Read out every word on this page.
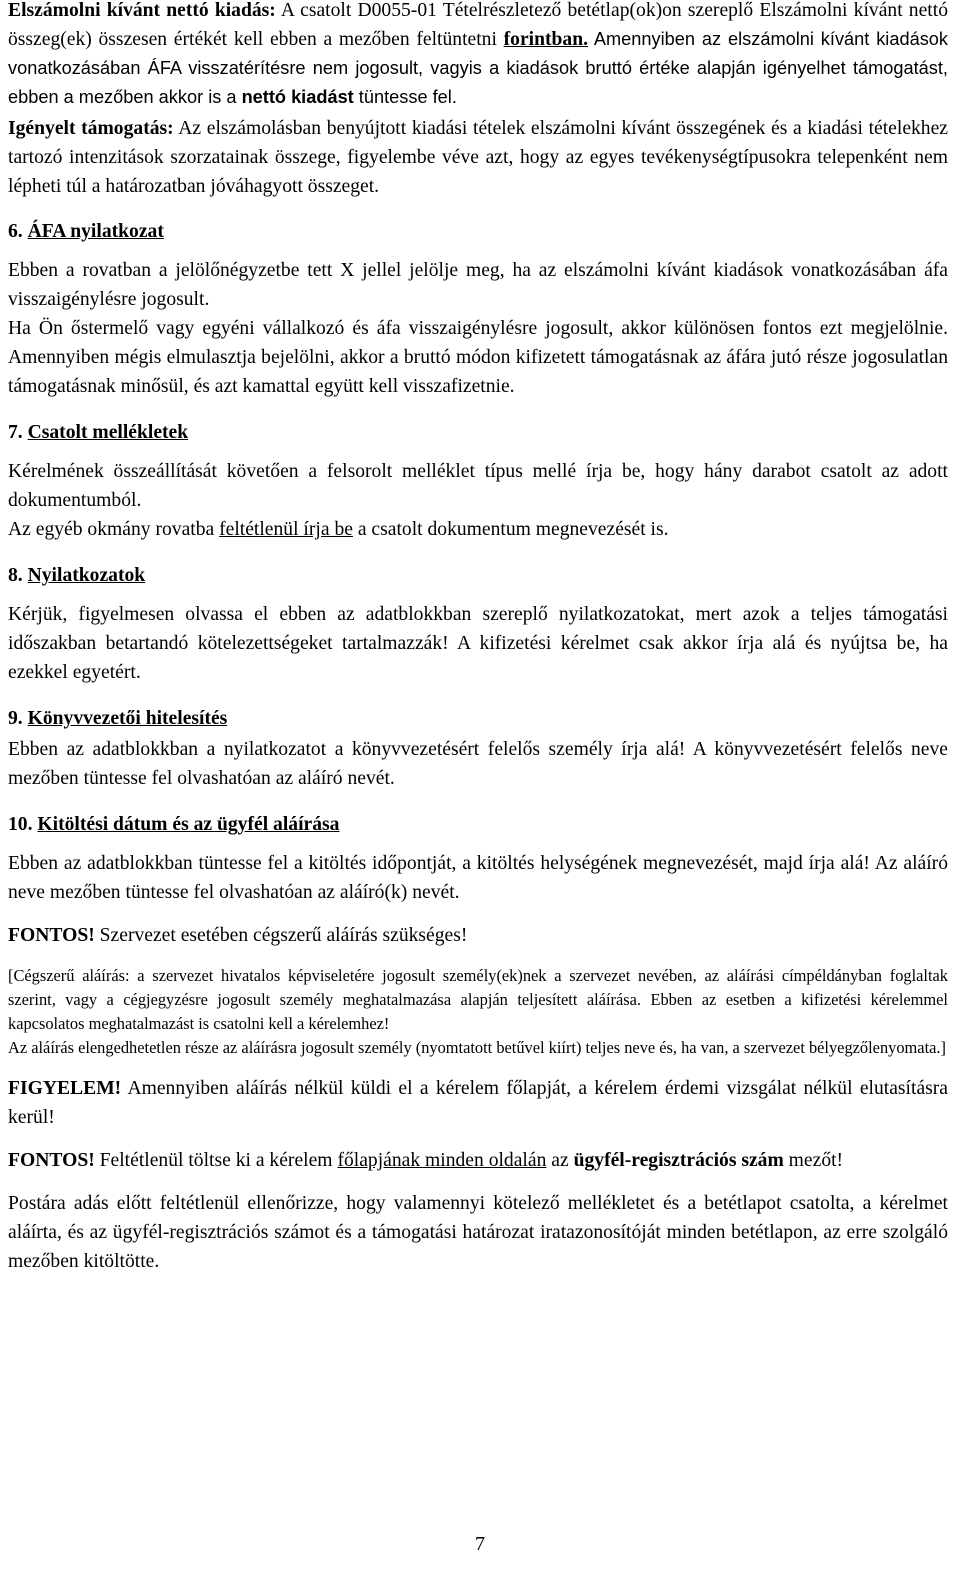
Elszámolni kívánt nettó kiadás: A csatolt D0055-01 Tételrészletező betétlap(ok)on szereplő Elszámolni kívánt nettó összeg(ek) összesen értékét kell ebben a mezőben feltüntetni forintban. Amennyiben az elszámolni kívánt kiadások vonatkozásában ÁFA visszatérítésre nem jogosult, vagyis a kiadások bruttó értéke alapján igényelhet támogatást, ebben a mezőben akkor is a nettó kiadást tüntesse fel.

Igényelt támogatás: Az elszámolásban benyújtott kiadási tételek elszámolni kívánt összegének és a kiadási tételekhez tartozó intenzitások szorzatainak összege, figyelembe véve azt, hogy az egyes tevékenységtípusokra telepenként nem lépheti túl a határozatban jóváhagyott összeget.

6. ÁFA nyilatkozat

Ebben a rovatban a jelölőnégyzetbe tett X jellel jelölje meg, ha az elszámolni kívánt kiadások vonatkozásában áfa visszaigénylésre jogosult.

Ha Ön őstermelő vagy egyéni vállalkozó és áfa visszaigénylésre jogosult, akkor különösen fontos ezt megjelölnie. Amennyiben mégis elmulasztja bejelölni, akkor a bruttó módon kifizetett támogatásnak az áfára jutó része jogosulatlan támogatásnak minősül, és azt kamattal együtt kell visszafizetnie.

7. Csatolt mellékletek

Kérelmének összeállítását követően a felsorolt melléklet típus mellé írja be, hogy hány darabot csatolt az adott dokumentumból.

Az egyéb okmány rovatba feltétlenül írja be a csatolt dokumentum megnevezését is.

8. Nyilatkozatok

Kérjük, figyelmesen olvassa el ebben az adatblokkban szereplő nyilatkozatokat, mert azok a teljes támogatási időszakban betartandó kötelezettségeket tartalmazzák! A kifizetési kérelmet csak akkor írja alá és nyújtsa be, ha ezekkel egyetért.

9. Könyvvezetői hitelesítés

Ebben az adatblokkban a nyilatkozatot a könyvvezetésért felelős személy írja alá! A könyvvezetésért felelős neve mezőben tüntesse fel olvashatóan az aláíró nevét.

10. Kitöltési dátum és az ügyfél aláírása

Ebben az adatblokkban tüntesse fel a kitöltés időpontját, a kitöltés helységének megnevezését, majd írja alá! Az aláíró neve mezőben tüntesse fel olvashatóan az aláíró(k) nevét.

FONTOS! Szervezet esetében cégszerű aláírás szükséges!

[Cégszerű aláírás: a szervezet hivatalos képviseletére jogosult személy(ek)nek a szervezet nevében, az aláírási címpéldányban foglaltak szerint, vagy a cégjegyzésre jogosult személy meghatalmazása alapján teljesített aláírása. Ebben az esetben a kifizetési kérelemmel kapcsolatos meghatalmazást is csatolni kell a kérelemhez!

Az aláírás elengedhetetlen része az aláírásra jogosult személy (nyomtatott betűvel kiírt) teljes neve és, ha van, a szervezet bélyegzőlenyomata.]

FIGYELEM! Amennyiben aláírás nélkül küldi el a kérelem főlapját, a kérelem érdemi vizsgálat nélkül elutasításra kerül!

FONTOS! Feltétlenül töltse ki a kérelem főlapjának minden oldalán az ügyfél-regisztrációs szám mezőt!

Postára adás előtt feltétlenül ellenőrizze, hogy valamennyi kötelező mellékletet és a betétlapot csatolta, a kérelmet aláírta, és az ügyfél-regisztrációs számot és a támogatási határozat iratazonosítóját minden betétlapon, az erre szolgáló mezőben kitöltötte.

7
